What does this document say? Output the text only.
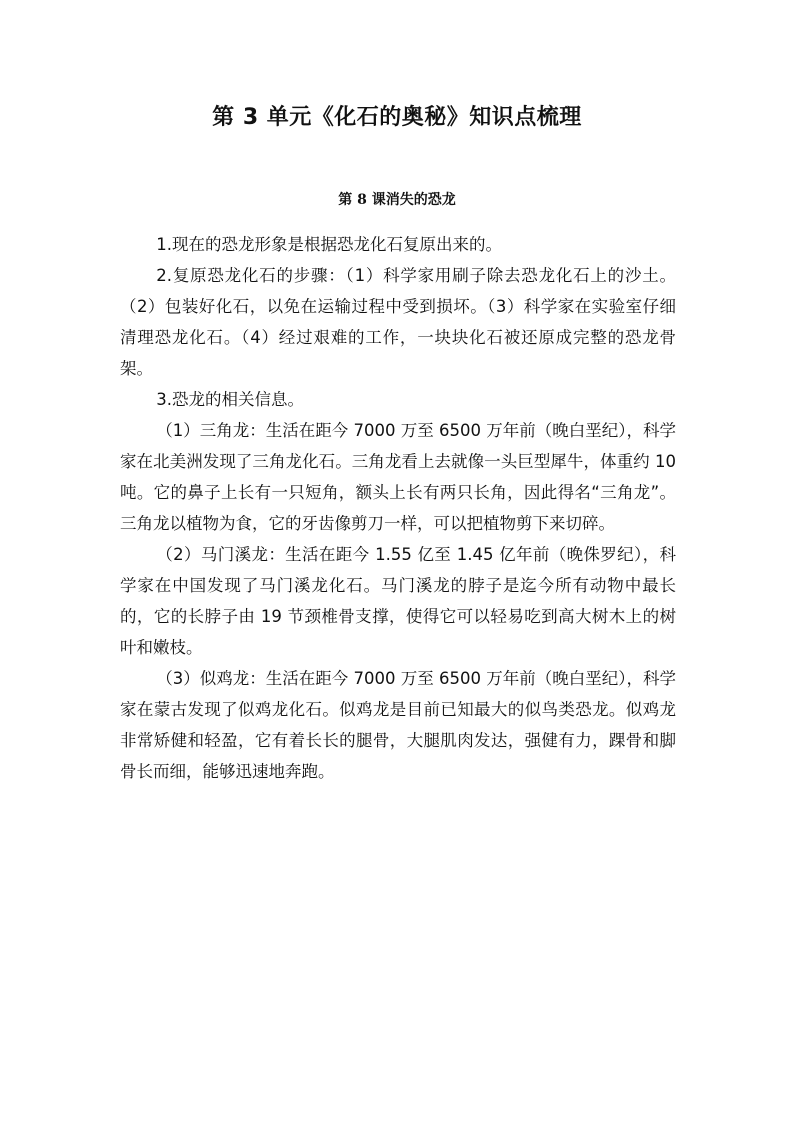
第 3 单元《化石的奥秘》知识点梳理
第 8 课消失的恐龙

1.现在的恐龙形象是根据恐龙化石复原出来的。

2.复原恐龙化石的步骤：（1）科学家用刷子除去恐龙化石上的沙土。（2）包装好化石，以免在运输过程中受到损坏。（3）科学家在实验室仔细清理恐龙化石。（4）经过艰难的工作，一块块化石被还原成完整的恐龙骨架。

3.恐龙的相关信息。

（1）三角龙：生活在距今 7000 万至 6500 万年前（晚白垩纪），科学家在北美洲发现了三角龙化石。三角龙看上去就像一头巨型犀牛，体重约 10 吨。它的鼻子上长有一只短角，额头上长有两只长角，因此得名“三角龙”。三角龙以植物为食，它的牙齿像剪刀一样，可以把植物剪下来切碎。

（2）马门溪龙：生活在距今 1.55 亿至 1.45 亿年前（晚侏罗纪），科学家在中国发现了马门溪龙化石。马门溪龙的脖子是迄今所有动物中最长的，它的长脖子由 19 节颈椎骨支撑，使得它可以轻易吃到高大树木上的树叶和嫩枝。

（3）似鸡龙：生活在距今 7000 万至 6500 万年前（晚白垩纪），科学家在蒙古发现了似鸡龙化石。似鸡龙是目前已知最大的似鸟类恐龙。似鸡龙非常矫健和轻盈，它有着长长的腿骨，大腿肌肉发达，强健有力，踝骨和脚骨长而细，能够迅速地奔跑。
